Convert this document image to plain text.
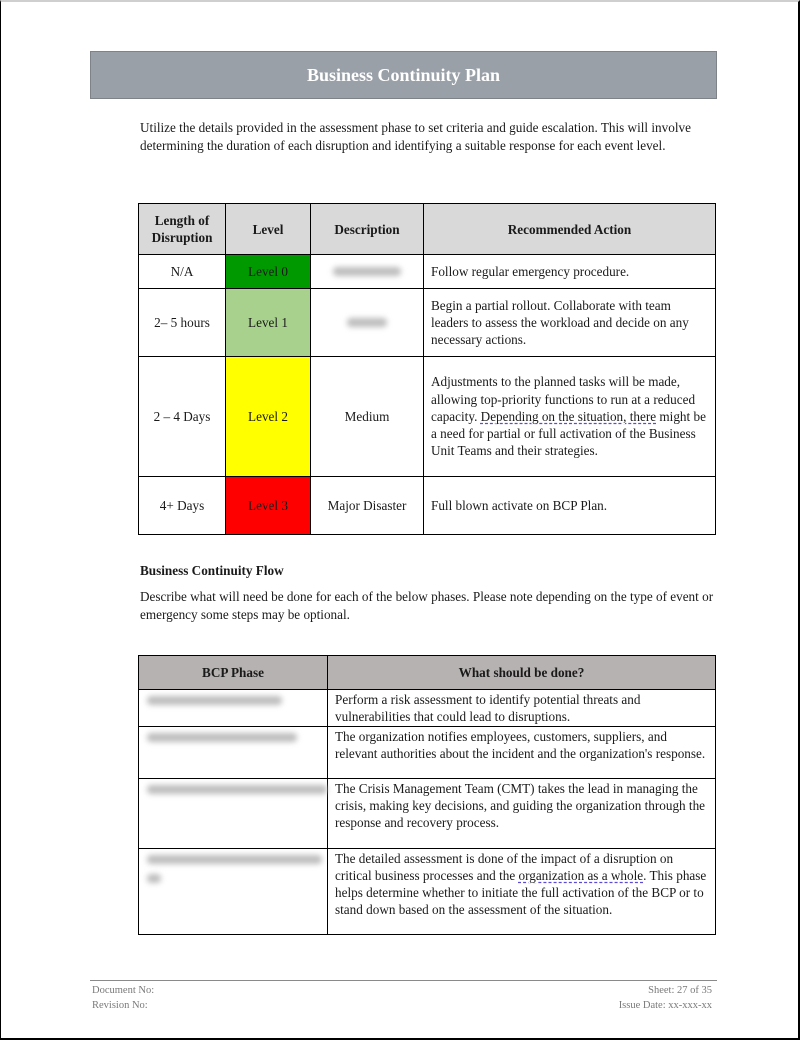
Business Continuity Plan
Utilize the details provided in the assessment phase to set criteria and guide escalation. This will involve determining the duration of each disruption and identifying a suitable response for each event level.
Length of Disruption	Level	Description	Recommended Action
N/A	Level 0		Follow regular emergency procedure.
2– 5 hours	Level 1		Begin a partial rollout. Collaborate with team leaders to assess the workload and decide on any necessary actions.
2 – 4 Days	Level 2	Medium	Adjustments to the planned tasks will be made, allowing top-priority functions to run at a reduced capacity. Depending on the situation, there might be a need for partial or full activation of the Business Unit Teams and their strategies.
4+ Days	Level 3	Major Disaster	Full blown activate on BCP Plan.
Business Continuity Flow
Describe what will need be done for each of the below phases. Please note depending on the type of event or emergency some steps may be optional.
BCP Phase	What should be done?
	Perform a risk assessment to identify potential threats and vulnerabilities that could lead to disruptions.
	The organization notifies employees, customers, suppliers, and relevant authorities about the incident and the organization's response.
	The Crisis Management Team (CMT) takes the lead in managing the crisis, making key decisions, and guiding the organization through the response and recovery process.

	The detailed assessment is done of the impact of a disruption on critical business processes and the organization as a whole. This phase helps determine whether to initiate the full activation of the BCP or to stand down based on the assessment of the situation.
Document No:
Revision No:
Sheet: 27 of 35
Issue Date: xx-xxx-xx
